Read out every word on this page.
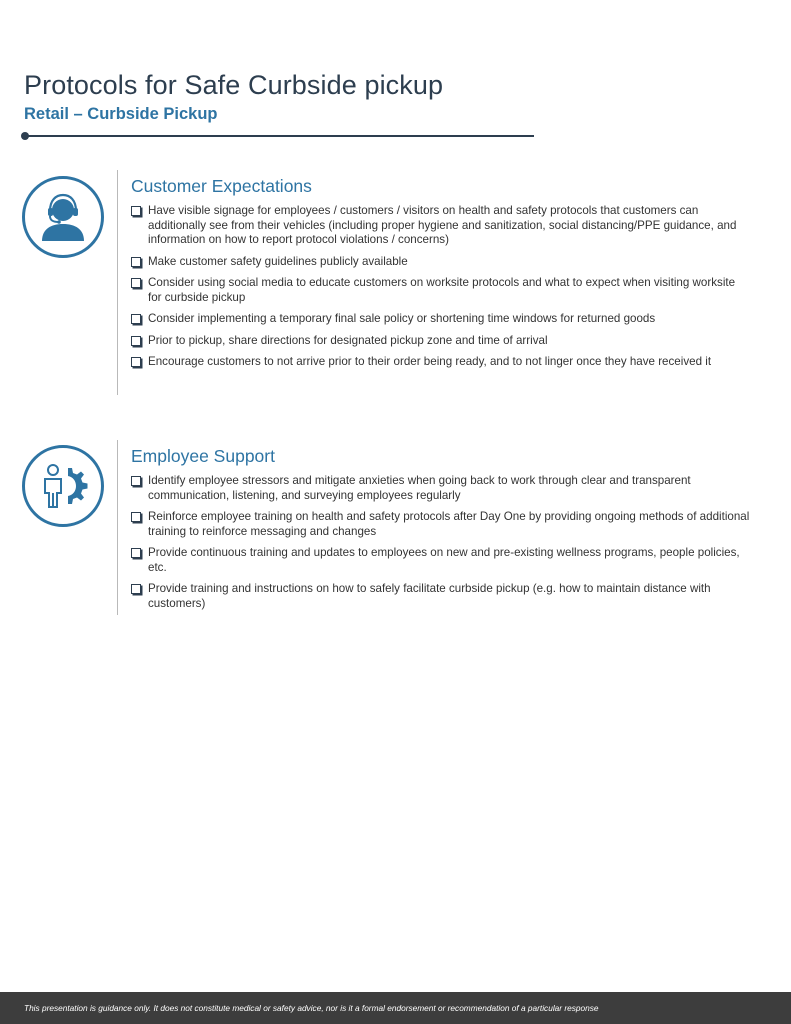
Protocols for Safe Curbside pickup
Retail – Curbside Pickup
Customer Expectations
Have visible signage for employees / customers / visitors on health and safety protocols that customers can additionally see from their vehicles (including proper hygiene and sanitization, social distancing/PPE guidance, and information on how to report protocol violations / concerns)
Make customer safety guidelines publicly available
Consider using social media to educate customers on worksite protocols and what to expect when visiting worksite for curbside pickup
Consider implementing a temporary final sale policy or shortening time windows for returned goods
Prior to pickup, share directions for designated pickup zone and time of arrival
Encourage customers to not arrive prior to their order being ready, and to not linger once they have received it
Employee Support
Identify employee stressors and mitigate anxieties when going back to work through clear and transparent communication, listening, and surveying employees regularly
Reinforce employee training on health and safety protocols after Day One by providing ongoing methods of additional training to reinforce messaging and changes
Provide continuous training and updates to employees on new and pre-existing wellness programs, people policies, etc.
Provide training and instructions on how to safely facilitate curbside pickup (e.g. how to maintain distance with customers)
This presentation is guidance only. It does not constitute medical or safety advice, nor is it a formal endorsement or recommendation of a particular response
